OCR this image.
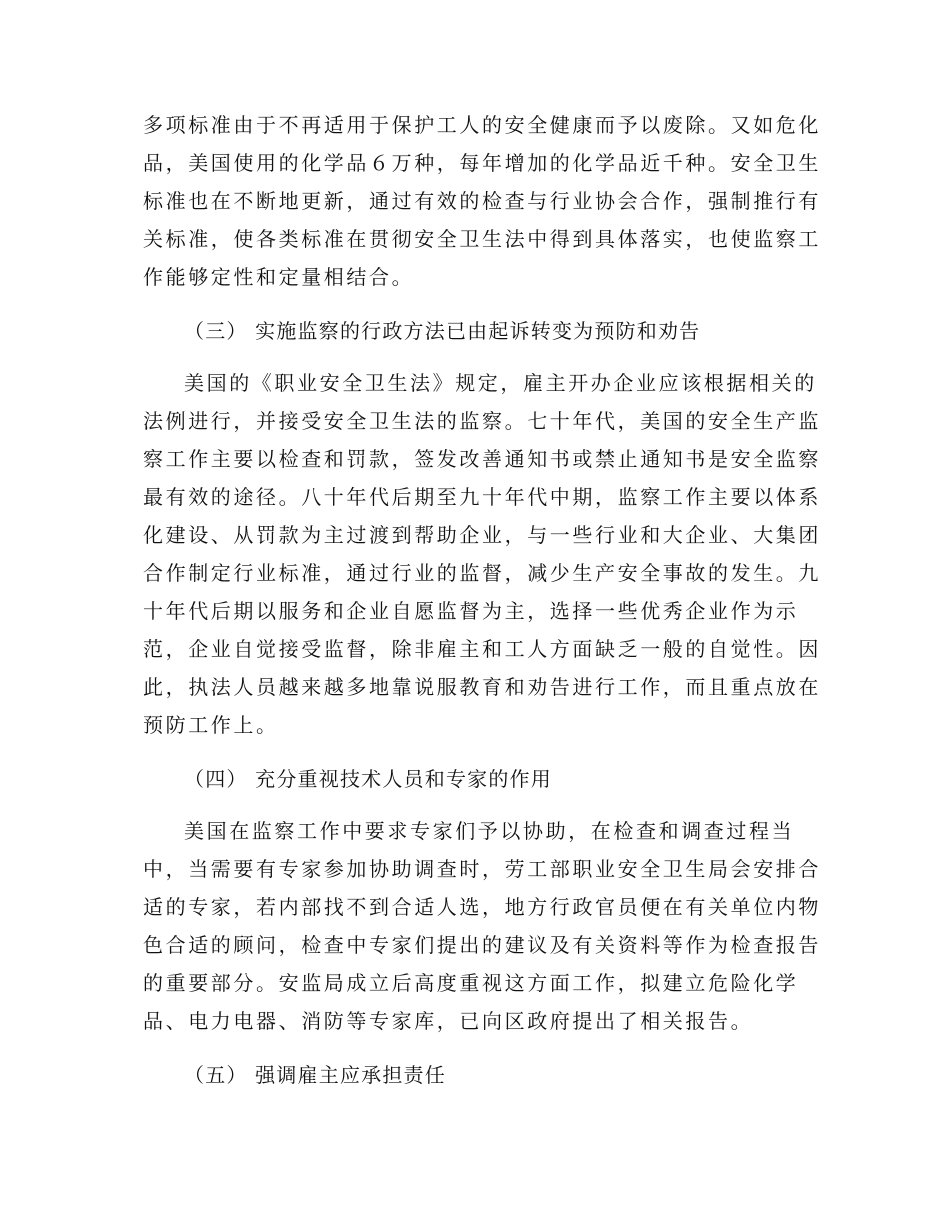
多项标准由于不再适用于保护工人的安全健康而予以废除。又如危化
品，美国使用的化学品６万种，每年增加的化学品近千种。安全卫生
标准也在不断地更新，通过有效的检查与行业协会合作，强制推行有
关标准，使各类标准在贯彻安全卫生法中得到具体落实，也使监察工
作能够定性和定量相结合。
（三） 实施监察的行政方法已由起诉转变为预防和劝告
美国的《职业安全卫生法》规定，雇主开办企业应该根据相关的
法例进行，并接受安全卫生法的监察。七十年代，美国的安全生产监
察工作主要以检查和罚款，签发改善通知书或禁止通知书是安全监察
最有效的途径。八十年代后期至九十年代中期，监察工作主要以体系
化建设、从罚款为主过渡到帮助企业，与一些行业和大企业、大集团
合作制定行业标准，通过行业的监督，减少生产安全事故的发生。九
十年代后期以服务和企业自愿监督为主，选择一些优秀企业作为示
范，企业自觉接受监督，除非雇主和工人方面缺乏一般的自觉性。因
此，执法人员越来越多地靠说服教育和劝告进行工作，而且重点放在
预防工作上。
（四） 充分重视技术人员和专家的作用
美国在监察工作中要求专家们予以协助，在检查和调查过程当
中，当需要有专家参加协助调查时，劳工部职业安全卫生局会安排合
适的专家，若内部找不到合适人选，地方行政官员便在有关单位内物
色合适的顾问，检查中专家们提出的建议及有关资料等作为检查报告
的重要部分。安监局成立后高度重视这方面工作，拟建立危险化学
品、电力电器、消防等专家库，已向区政府提出了相关报告。
（五） 强调雇主应承担责任
